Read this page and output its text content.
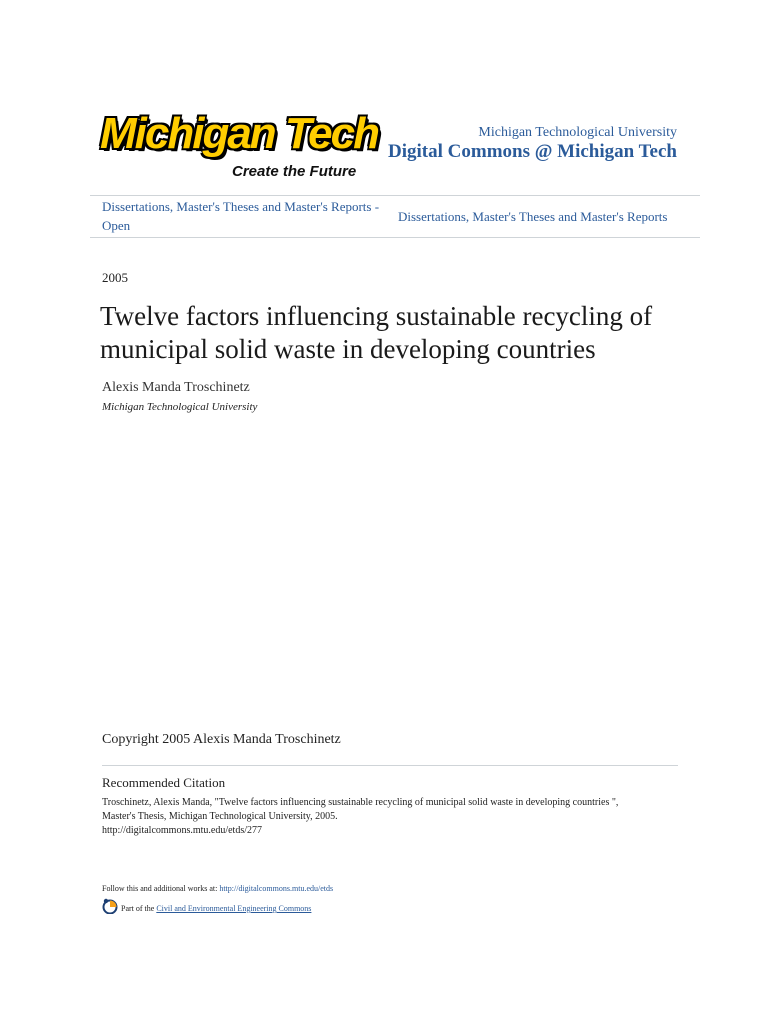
Michigan Tech
Create the Future
Michigan Technological University
Digital Commons @ Michigan Tech
Dissertations, Master's Theses and Master's Reports - Open
Dissertations, Master's Theses and Master's Reports
2005
Twelve factors influencing sustainable recycling of municipal solid waste in developing countries
Alexis Manda Troschinetz
Michigan Technological University
Copyright 2005 Alexis Manda Troschinetz
Recommended Citation
Troschinetz, Alexis Manda, "Twelve factors influencing sustainable recycling of municipal solid waste in developing countries ",
Master's Thesis, Michigan Technological University, 2005.
http://digitalcommons.mtu.edu/etds/277
Follow this and additional works at: http://digitalcommons.mtu.edu/etds
Part of the Civil and Environmental Engineering Commons
